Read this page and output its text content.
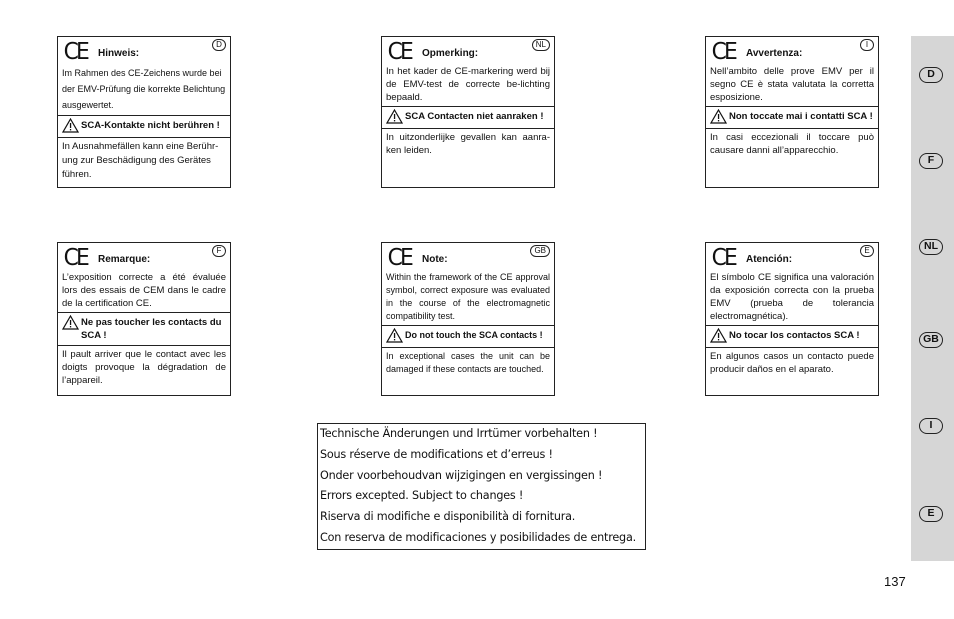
CE Hinweis:
D
Im Rahmen des CE-Zeichens wurde bei der EMV-Prüfung die korrekte Belichtung ausgewertet.
SCA-Kontakte nicht berühren !
In Ausnahmefällen kann eine Berührung zur Beschädigung des Gerätes führen.
CE Opmerking:
NL
In het kader de CE-markering werd bij de EMV-test de correcte be-lichting bepaald.
SCA Contacten niet aanraken !
In uitzonderlijke gevallen kan aanraken leiden.
CE Avvertenza:
I
Nell’ambito delle prove EMV per il segno CE è stata valutata la corretta esposizione.
Non toccate mai i contatti SCA !
In casi eccezionali il toccare può causare danni all’apparecchio.
CE Remarque:
F
L’exposition correcte a été évaluée lors des essais de CEM dans le cadre de la certification CE.
Ne pas toucher les contacts du SCA !
Il pault arriver que le contact avec les doigts provoque la dégradation de l’appareil.
CE Note:
GB
Within the framework of the CE approval symbol, correct exposure was evaluated in the course of the electromagnetic compatibility test.
Do not touch the SCA contacts !
In exceptional cases the unit can be damaged if these contacts are touched.
CE Atención:
E
El símbolo CE significa una valoración da exposición correcta con la prueba EMV (prueba de tolerancia electromagnética).
No tocar los contactos SCA !
En algunos casos un contacto puede producir daños en el aparato.
Technische Änderungen und Irrtümer vorbehalten !
Sous réserve de modifications et d’erreus !
Onder voorbehoudvan wijzigingen en vergissingen !
Errors excepted. Subject to changes !
Riserva di modifiche e disponibilità di fornitura.
Con reserva de modificaciones y posibilidades de entrega.
D
F
NL
GB
I
E
137
